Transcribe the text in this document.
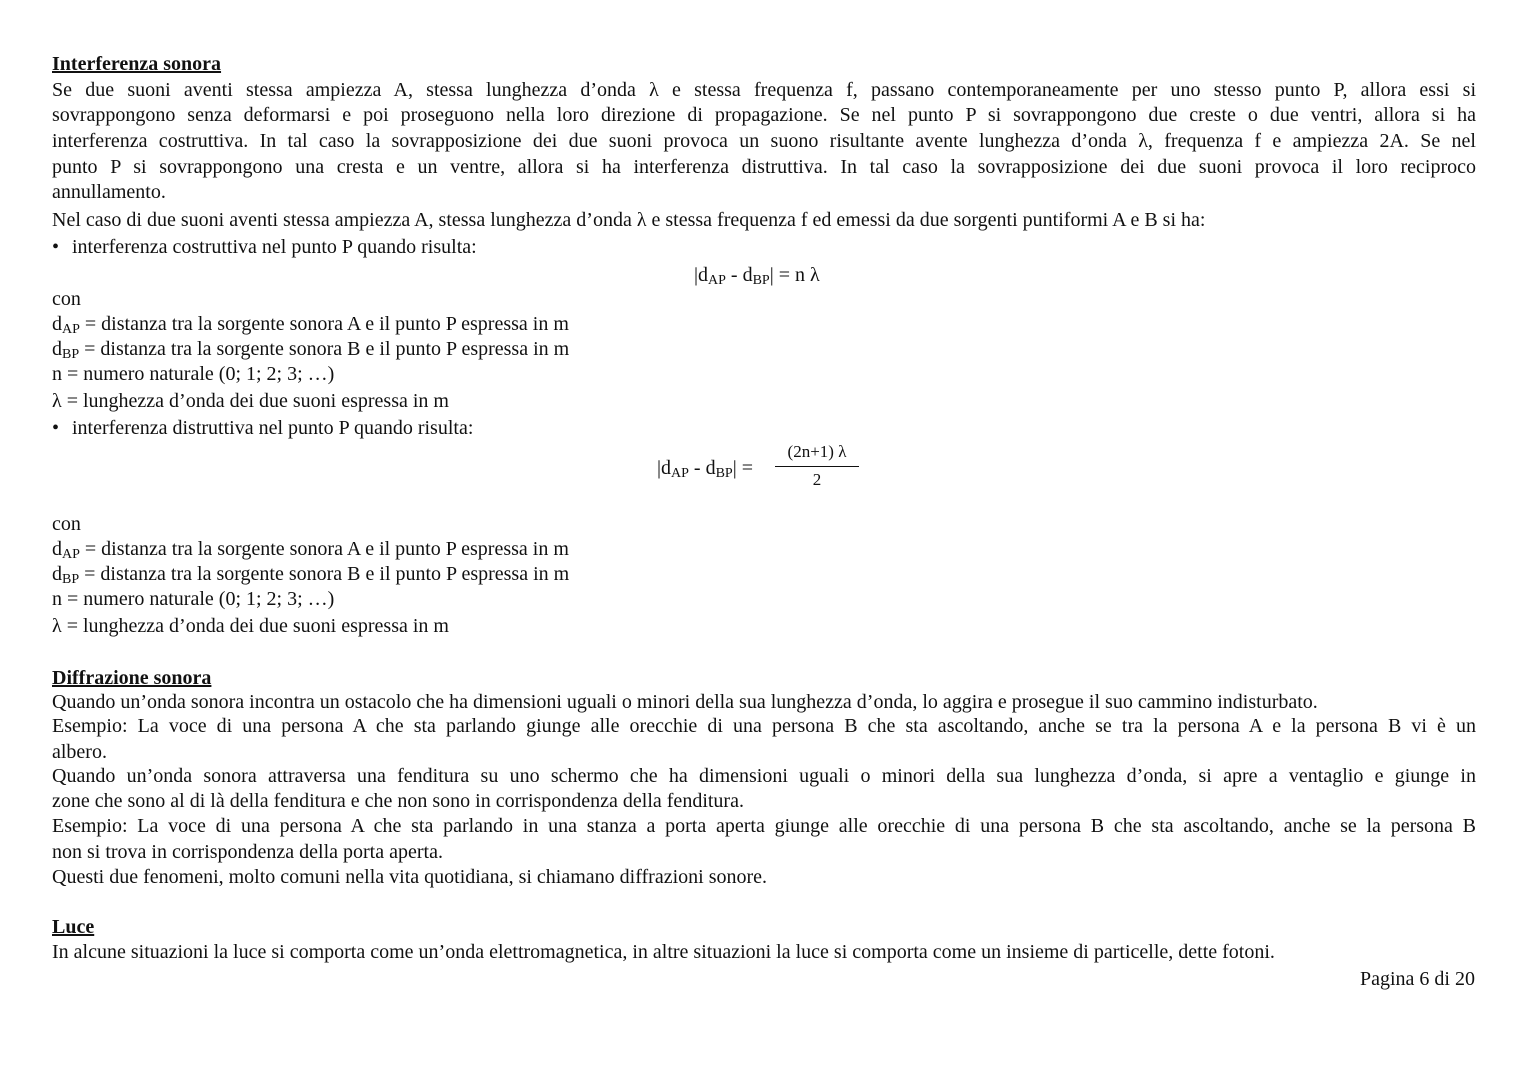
Interferenza sonora
Se due suoni aventi stessa ampiezza A, stessa lunghezza d’onda λ e stessa frequenza f, passano contemporaneamente per uno stesso punto P, allora essi si
sovrappongono senza deformarsi e poi proseguono nella loro direzione di propagazione. Se nel punto P si sovrappongono due creste o due ventri, allora si ha
interferenza costruttiva. In tal caso la sovrapposizione dei due suoni provoca un suono risultante avente lunghezza d’onda λ, frequenza f e ampiezza 2A. Se nel
punto P si sovrappongono una cresta e un ventre, allora si ha interferenza distruttiva. In tal caso la sovrapposizione dei due suoni provoca il loro reciproco
annullamento.
Nel caso di due suoni aventi stessa ampiezza A, stessa lunghezza d’onda λ e stessa frequenza f ed emessi da due sorgenti puntiformi A e B si ha:
• interferenza costruttiva nel punto P quando risulta:
$|d_{AP} - d_{BP}| = n$ λ
con
$d_{AP}$ = distanza tra la sorgente sonora A e il punto P espressa in m
$d_{BP}$ = distanza tra la sorgente sonora B e il punto P espressa in m
n = numero naturale (0; 1; 2; 3; …)
λ = lunghezza d’onda dei due suoni espressa in m
• interferenza distruttiva nel punto P quando risulta:
$|d_{AP} - d_{BP}|$ =
(2n+1) λ
2
con
$d_{AP}$ = distanza tra la sorgente sonora A e il punto P espressa in m
$d_{BP}$ = distanza tra la sorgente sonora B e il punto P espressa in m
n = numero naturale (0; 1; 2; 3; …)
λ = lunghezza d’onda dei due suoni espressa in m
Diffrazione sonora
Quando un’onda sonora incontra un ostacolo che ha dimensioni uguali o minori della sua lunghezza d’onda, lo aggira e prosegue il suo cammino indisturbato.
Esempio: La voce di una persona A che sta parlando giunge alle orecchie di una persona B che sta ascoltando, anche se tra la persona A e la persona B vi è un
albero.
Quando un’onda sonora attraversa una fenditura su uno schermo che ha dimensioni uguali o minori della sua lunghezza d’onda, si apre a ventaglio e giunge in
zone che sono al di là della fenditura e che non sono in corrispondenza della fenditura.
Esempio: La voce di una persona A che sta parlando in una stanza a porta aperta giunge alle orecchie di una persona B che sta ascoltando, anche se la persona B
non si trova in corrispondenza della porta aperta.
Questi due fenomeni, molto comuni nella vita quotidiana, si chiamano diffrazioni sonore.
Luce
In alcune situazioni la luce si comporta come un’onda elettromagnetica, in altre situazioni la luce si comporta come un insieme di particelle, dette fotoni.
Pagina 6 di 20
